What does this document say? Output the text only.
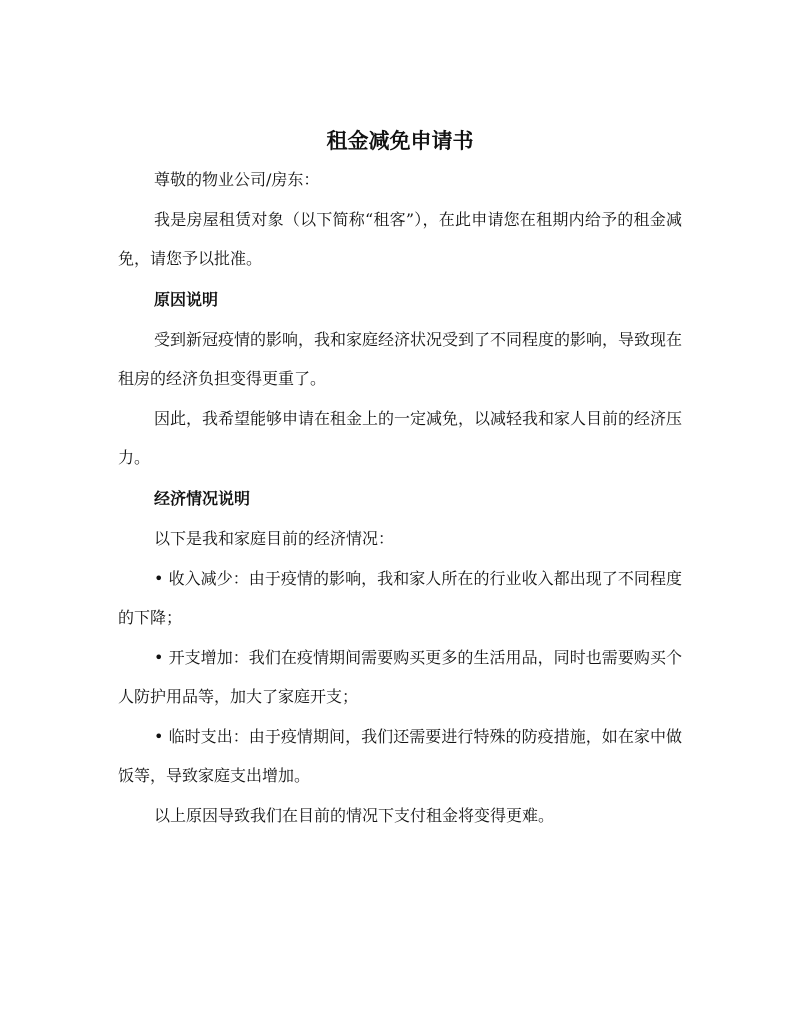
租金减免申请书

尊敬的物业公司/房东：

我是房屋租赁对象（以下简称“租客”），在此申请您在租期内给予的租金减免，请您予以批准。

原因说明

受到新冠疫情的影响，我和家庭经济状况受到了不同程度的影响，导致现在租房的经济负担变得更重了。

因此，我希望能够申请在租金上的一定减免，以减轻我和家人目前的经济压力。

经济情况说明

以下是我和家庭目前的经济情况：

• 收入减少：由于疫情的影响，我和家人所在的行业收入都出现了不同程度的下降；

• 开支增加：我们在疫情期间需要购买更多的生活用品，同时也需要购买个人防护用品等，加大了家庭开支；

• 临时支出：由于疫情期间，我们还需要进行特殊的防疫措施，如在家中做饭等，导致家庭支出增加。

以上原因导致我们在目前的情况下支付租金将变得更难。
